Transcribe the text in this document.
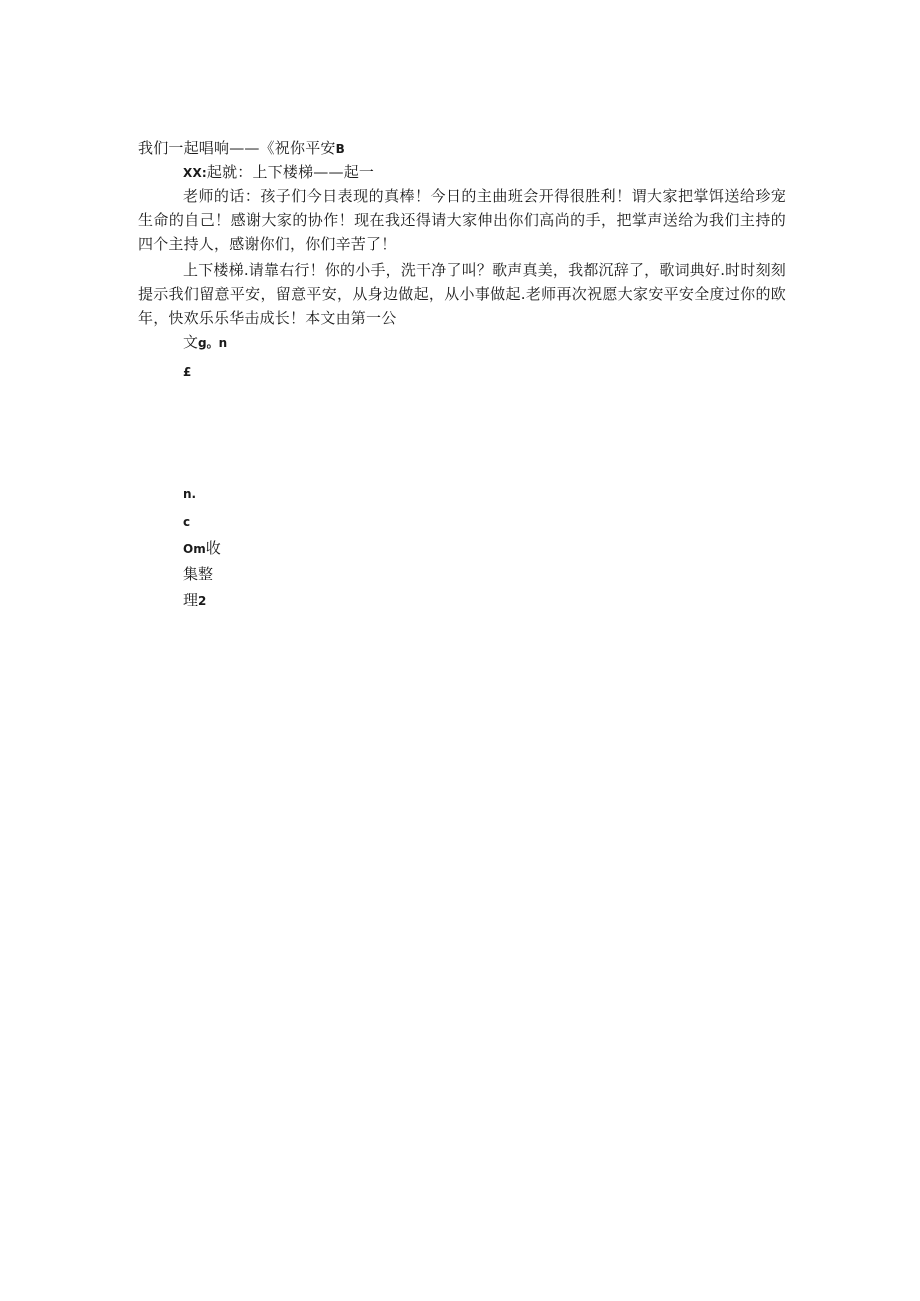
我们一起唱响——《祝你平安B
XX:起就：上下楼梯——起一
老师的话：孩子们今日表现的真棒！今日的主曲班会开得很胜利！谓大家把掌饵送给珍宠生命的自己！感谢大家的协作！现在我还得请大家伸出你们高尚的手，把掌声送给为我们主持的四个主持人，感谢你们，你们辛苦了！
上下楼梯.请靠右行！你的小手，洗干净了叫？歌声真美，我都沉辞了，歌词典好.时时刻刻提示我们留意平安，留意平安，从身边做起，从小事做起.老师再次祝愿大家安平安全度过你的欧年，快欢乐乐华击成长！本文由第一公
文g。n
£
n.
c
Om收
集整
理2
